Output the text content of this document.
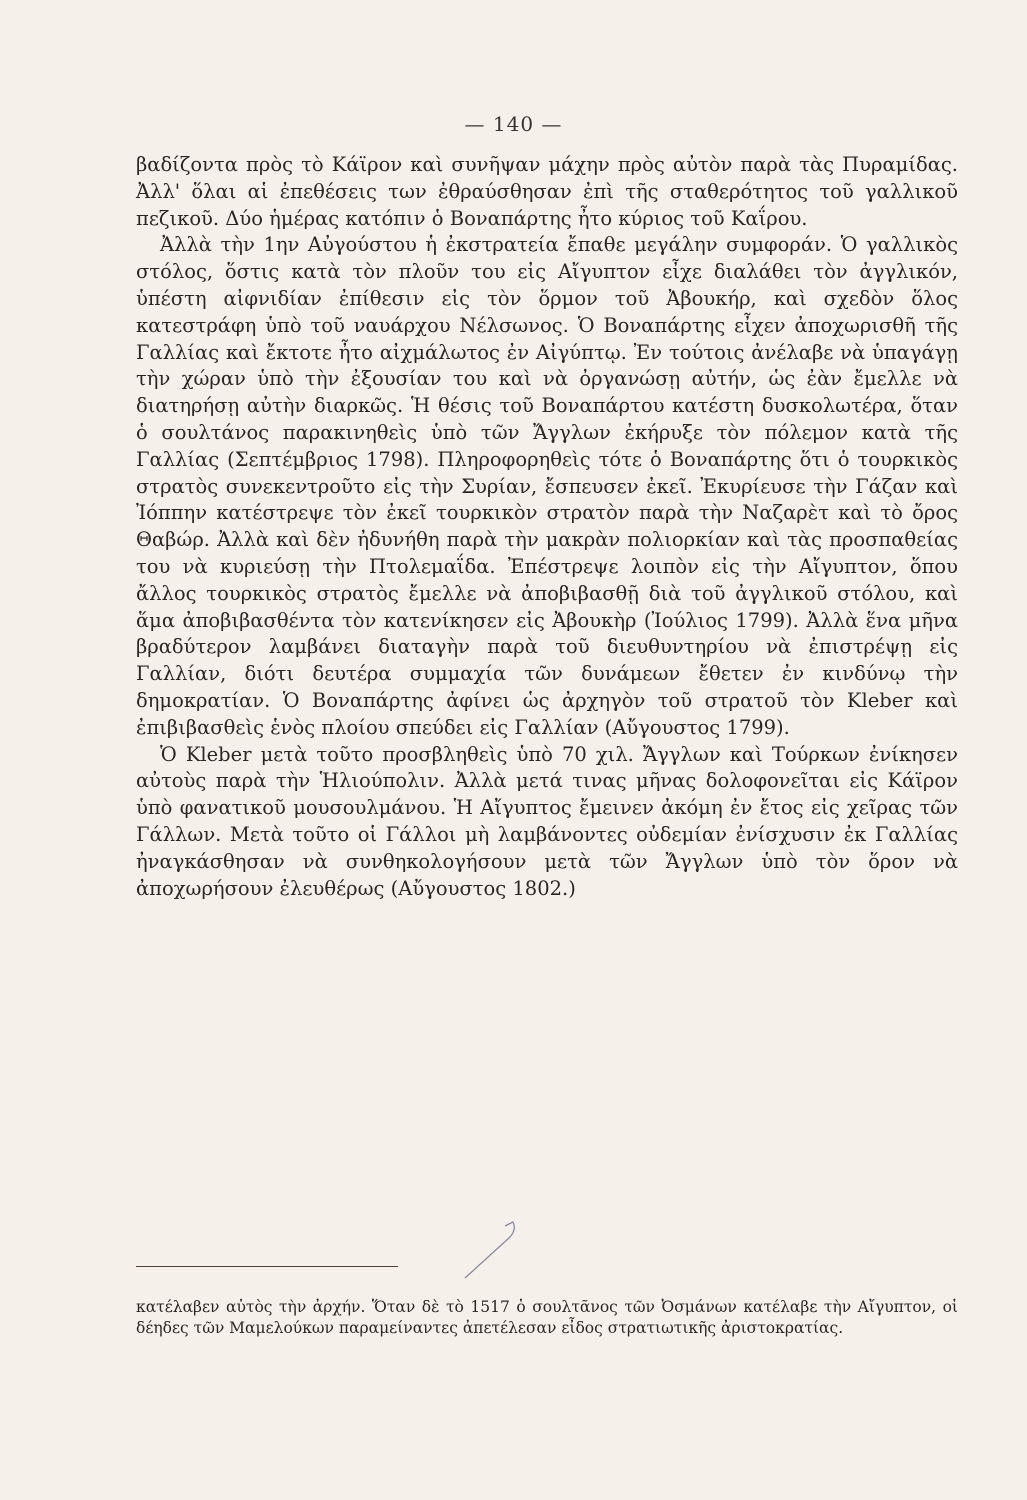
— 140 —

βαδίζοντα πρὸς τὸ Κάϊρον καὶ συνῆψαν μάχην πρὸς αὐτὸν παρὰ τὰς Πυραμίδας. Ἀλλ' ὅλαι αἱ ἐπεθέσεις των ἐθραύσθησαν ἐπὶ τῆς σταθερότητος τοῦ γαλλικοῦ πεζικοῦ. Δύο ἡμέρας κατόπιν ὁ Βοναπάρτης ἦτο κύριος τοῦ Καΐρου.

Ἀλλὰ τὴν 1ην Αὐγούστου ἡ ἐκστρατεία ἔπαθε μεγάλην συμφοράν. Ὁ γαλλικὸς στόλος, ὅστις κατὰ τὸν πλοῦν του εἰς Αἴγυπτον εἶχε διαλάθει τὸν ἀγγλικόν, ὑπέστη αἰφνιδίαν ἐπίθεσιν εἰς τὸν ὅρμον τοῦ Ἀβουκήρ, καὶ σχεδὸν ὅλος κατεστράφη ὑπὸ τοῦ ναυάρχου Νέλσωνος. Ὁ Βοναπάρτης εἶχεν ἀποχωρισθῆ τῆς Γαλλίας καὶ ἔκτοτε ἦτο αἰχμάλωτος ἐν Αἰγύπτῳ. Ἐν τούτοις ἀνέλαβε νὰ ὑπαγάγῃ τὴν χώραν ὑπὸ τὴν ἐξουσίαν του καὶ νὰ ὀργανώσῃ αὐτήν, ὡς ἐὰν ἔμελλε νὰ διατηρήσῃ αὐτὴν διαρκῶς. Ἡ θέσις τοῦ Βοναπάρτου κατέστη δυσκολωτέρα, ὅταν ὁ σουλτάνος παρακινηθεὶς ὑπὸ τῶν Ἄγγλων ἐκήρυξε τὸν πόλεμον κατὰ τῆς Γαλλίας (Σεπτέμβριος 1798). Πληροφορηθεὶς τότε ὁ Βοναπάρτης ὅτι ὁ τουρκικὸς στρατὸς συνεκεντροῦτο εἰς τὴν Συρίαν, ἔσπευσεν ἐκεῖ. Ἐκυρίευσε τὴν Γάζαν καὶ Ἰόππην κατέστρεψε τὸν ἐκεῖ τουρκικὸν στρατὸν παρὰ τὴν Ναζαρὲτ καὶ τὸ ὄρος Θαβώρ. Ἀλλὰ καὶ δὲν ἠδυνήθη παρὰ τὴν μακρὰν πολιορκίαν καὶ τὰς προσπαθείας του νὰ κυριεύσῃ τὴν Πτολεμαΐδα. Ἐπέστρεψε λοιπὸν εἰς τὴν Αἴγυπτον, ὅπου ἄλλος τουρκικὸς στρατὸς ἔμελλε νὰ ἀποβιβασθῇ διὰ τοῦ ἀγγλικοῦ στόλου, καὶ ἅμα ἀποβιβασθέντα τὸν κατενίκησεν εἰς Ἀβουκὴρ (Ἰούλιος 1799). Ἀλλὰ ἕνα μῆνα βραδύτερον λαμβάνει διαταγὴν παρὰ τοῦ διευθυντηρίου νὰ ἐπιστρέψῃ εἰς Γαλλίαν, διότι δευτέρα συμμαχία τῶν δυνάμεων ἔθετεν ἐν κινδύνῳ τὴν δημοκρατίαν. Ὁ Βοναπάρτης ἀφίνει ὡς ἀρχηγὸν τοῦ στρατοῦ τὸν Kleber καὶ ἐπιβιβασθεὶς ἑνὸς πλοίου σπεύδει εἰς Γαλλίαν (Αὔγουστος 1799).

Ὁ Kleber μετὰ τοῦτο προσβληθεὶς ὑπὸ 70 χιλ. Ἄγγλων καὶ Τούρκων ἐνίκησεν αὐτοὺς παρὰ τὴν Ἡλιούπολιν. Ἀλλὰ μετά τινας μῆνας δολοφονεῖται εἰς Κάϊρον ὑπὸ φανατικοῦ μουσουλμάνου. Ἡ Αἴγυπτος ἔμεινεν ἀκόμη ἐν ἔτος εἰς χεῖρας τῶν Γάλλων. Μετὰ τοῦτο οἱ Γάλλοι μὴ λαμβάνοντες οὐδεμίαν ἐνίσχυσιν ἐκ Γαλλίας ἠναγκάσθησαν νὰ συνθηκολογήσουν μετὰ τῶν Ἄγγλων ὑπὸ τὸν ὅρον νὰ ἀποχωρήσουν ἐλευθέρως (Αὔγουστος 1802.)

κατέλαβεν αὐτὸς τὴν ἀρχήν. Ὅταν δὲ τὸ 1517 ὁ σουλτᾶνος τῶν Ὀσμάνων κατέλαβε τὴν Αἴγυπτον, οἱ δέηδες τῶν Μαμελούκων παραμείναντες ἀπετέλεσαν εἶδος στρατιωτικῆς ἀριστοκρατίας.
